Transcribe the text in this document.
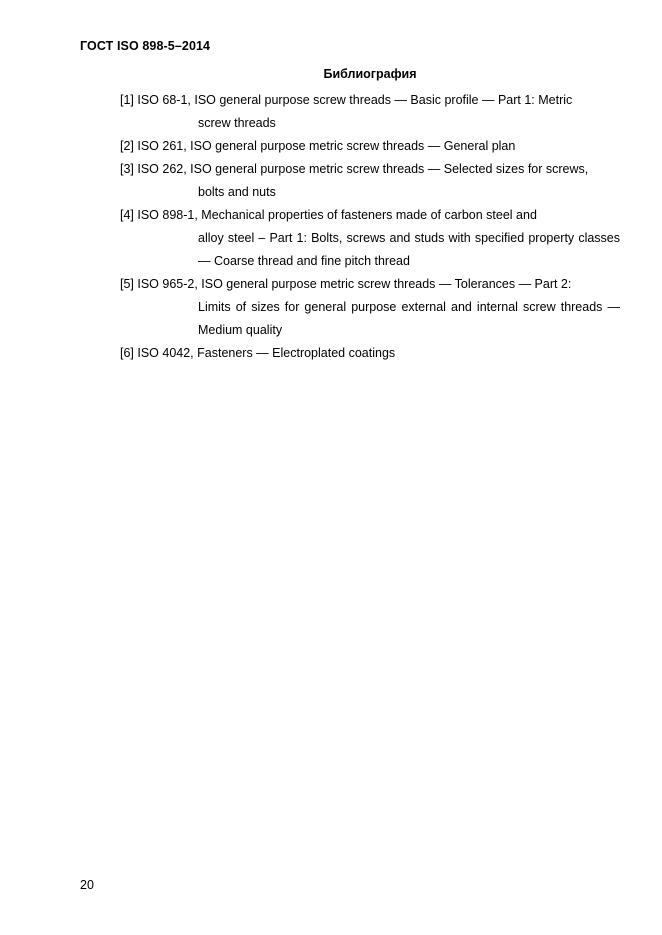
ГОСТ ISO 898-5–2014
Библиография
[1] ISO 68-1, ISO general purpose screw threads — Basic profile — Part 1: Metric
screw threads
[2] ISO 261, ISO general purpose metric screw threads — General plan
[3] ISO 262, ISO general purpose metric screw threads — Selected sizes for screws,
bolts and nuts
[4] ISO 898-1, Mechanical properties of fasteners made of carbon steel and
alloy steel – Part 1: Bolts, screws and studs with specified property classes — Coarse thread and fine pitch thread
[5] ISO 965-2, ISO general purpose metric screw threads — Tolerances — Part 2:
Limits of sizes for general purpose external and internal screw threads — Medium quality
[6] ISO 4042, Fasteners — Electroplated coatings
20
